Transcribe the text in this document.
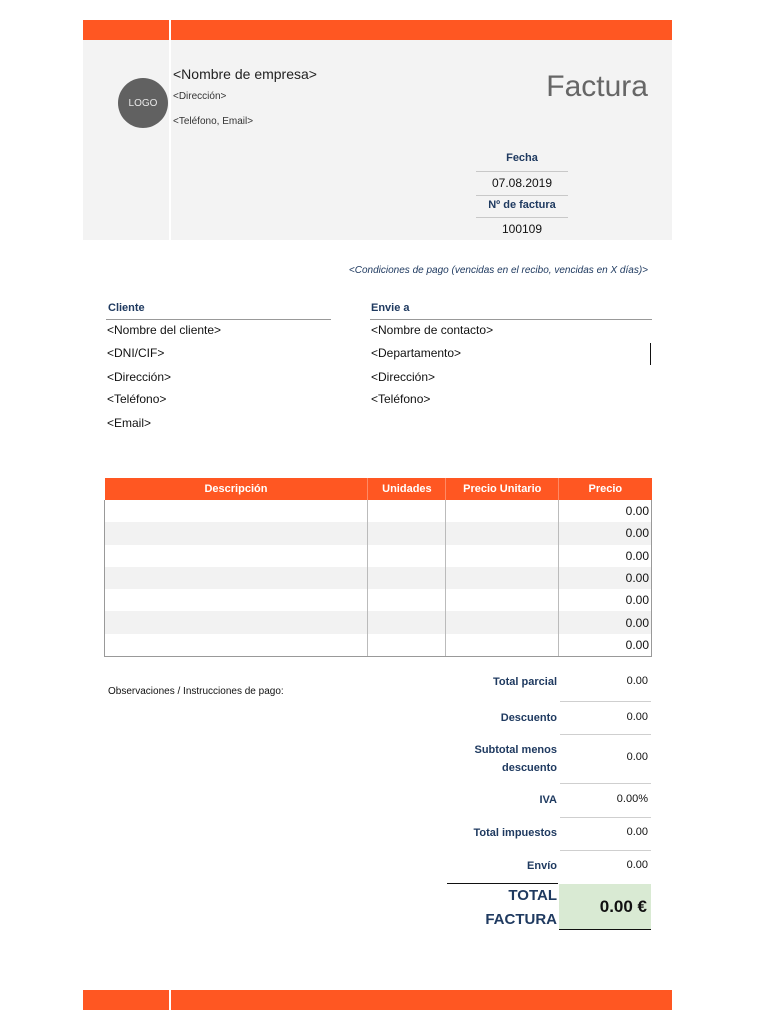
LOGO
<Nombre de empresa>
<Dirección>
<Teléfono, Email>
Factura
Fecha
07.08.2019
Nº de factura
100109
<Condiciones de pago (vencidas en el recibo, vencidas en X días)>
Cliente
<Nombre del cliente>
<DNI/CIF>
<Dirección>
<Teléfono>
<Email>
Envie a
<Nombre de contacto>
<Departamento>
<Dirección>
<Teléfono>
Descripción	Unidades	Precio Unitario	Precio
			0.00
			0.00
			0.00
			0.00
			0.00
			0.00
			0.00
Observaciones / Instrucciones de pago:
Total parcial	0.00
Descuento	0.00
Subtotal menos descuento
0.00
IVA	0.00%
Total impuestos	0.00
Envío	0.00
TOTAL FACTURA
0.00 €
